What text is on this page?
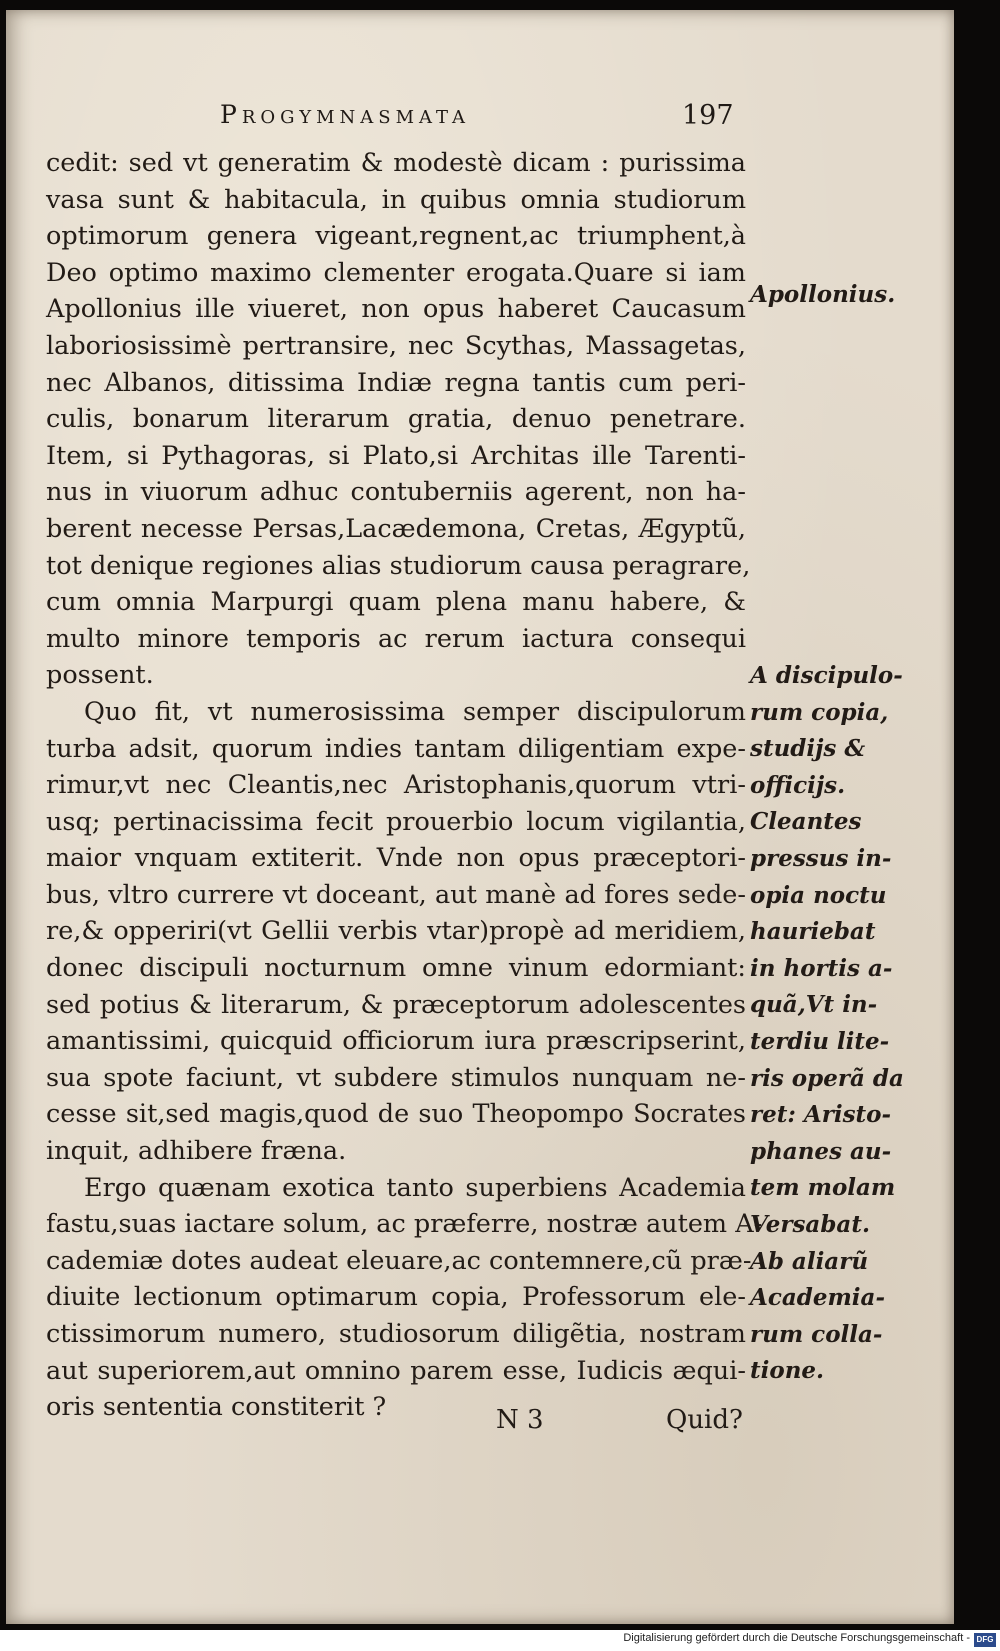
Progymnasmata	197
cedit: sed vt generatim & modestè dicam : purissima
vasa sunt & habitacula, in quibus omnia studiorum
optimorum genera vigeant,regnent,ac triumphent,à
Deo optimo maximo clementer erogata.Quare si iam
Apollonius ille viueret, non opus haberet Caucasum
laboriosissimè pertransire, nec Scythas, Massagetas,
nec Albanos, ditissima Indiæ regna tantis cum peri-
culis, bonarum literarum gratia, denuo penetrare.
Item, si Pythagoras, si Plato,si Architas ille Tarenti-
nus in viuorum adhuc contuberniis agerent, non ha-
berent necesse Persas,Lacædemona, Cretas, Ægyptũ,
tot denique regiones alias studiorum causa peragrare,
cum omnia Marpurgi quam plena manu habere, &
multo minore temporis ac rerum iactura consequi
possent.
Quo fit, vt numerosissima semper discipulorum
turba adsit, quorum indies tantam diligentiam expe-
rimur,vt nec Cleantis,nec Aristophanis,quorum vtri-
usq; pertinacissima fecit prouerbio locum vigilantia,
maior vnquam extiterit. Vnde non opus præceptori-
bus, vltro currere vt doceant, aut manè ad fores sede-
re,& opperiri(vt Gellii verbis vtar)propè ad meridiem,
donec discipuli nocturnum omne vinum edormiant:
sed potius & literarum, & præceptorum adolescentes
amantissimi, quicquid officiorum iura præscripserint,
sua spote faciunt, vt subdere stimulos nunquam ne-
cesse sit,sed magis,quod de suo Theopompo Socrates
inquit, adhibere fræna.
Ergo quænam exotica tanto superbiens Academia
fastu,suas iactare solum, ac præferre, nostræ autem A-
cademiæ dotes audeat eleuare,ac contemnere,cũ præ-
diuite lectionum optimarum copia, Professorum ele-
ctissimorum numero, studiosorum diligẽtia, nostram
aut superiorem,aut omnino parem esse, Iudicis æqui-
oris sententia constiterit ?
Apollonius.
A discipulo-
rum copia,
studijs &
officijs.
Cleantes
pressus in-
opia noctu
hauriebat
in hortis a-
quã,Vt in-
terdiu lite-
ris operã da
ret: Aristo-
phanes au-
tem molam
Versabat.
Ab aliarũ
Academia-
rum colla-
tione.
N 3	Quid?
Digitalisierung gefördert durch die Deutsche Forschungsgemeinschaft - DFG
